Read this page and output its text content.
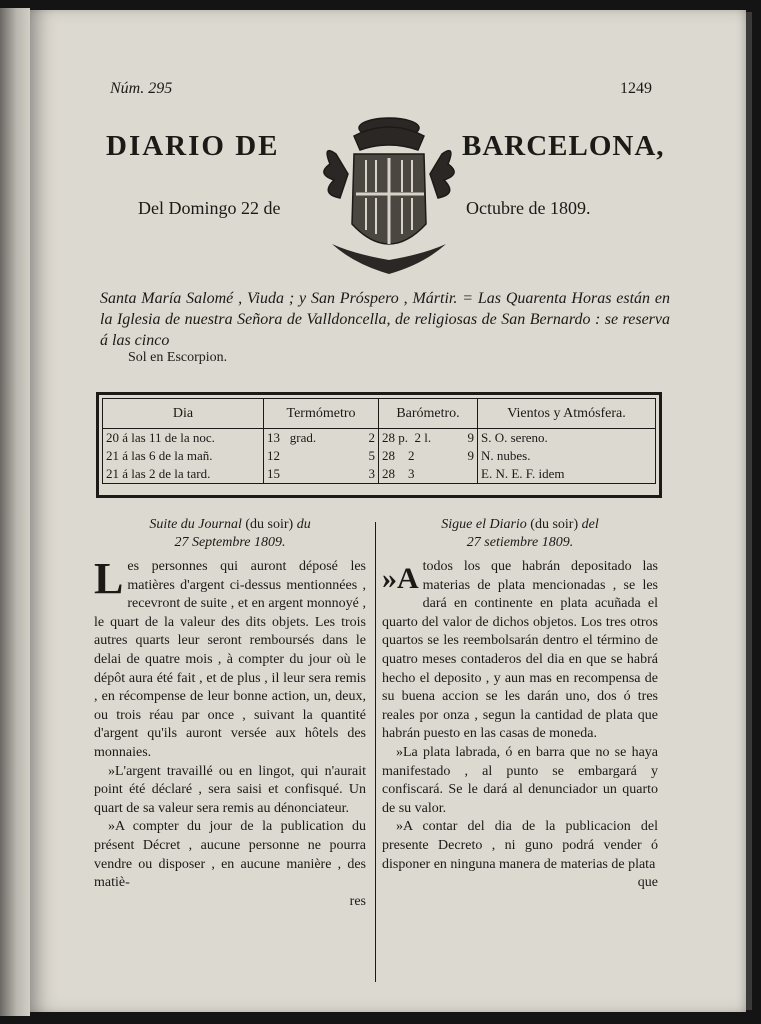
Núm. 295	1249
DIARIO DE	BARCELONA,
Del Domingo 22 de	Octubre de 1809.
Santa María Salomé , Viuda ; y San Próspero , Mártir. = Las Quarenta Horas están en la Iglesia de nuestra Señora de Valldoncella, de religiosas de San Bernardo : se reserva á las cinco
Sol en Escorpion.
Dia	Termómetro	Barómetro.	Vientos y Atmósfera.
20 á las 11 de la noc.	13 grad. 2	28 p. 2 l. 9	S. O. sereno.
21 á las 6 de la mañ.	12 5	28 2 9	N. nubes.
21 á las 2 de la tard.	15 3	28 3	E. N. E. F. idem
Suite du Journal (du soir) du
27 Septembre 1809.

Les personnes qui auront déposé les matières d'argent ci-dessus mentionnées , recevront de suite , et en argent monnoyé , le quart de la valeur des dits objets. Les trois autres quarts leur seront remboursés dans le delai de quatre mois , à compter du jour où le dépôt aura été fait , et de plus , il leur sera remis , en récompense de leur bonne action, un, deux, ou trois réau par once , suivant la quantité d'argent qu'ils auront versée aux hôtels des monnaies.

»L'argent travaillé ou en lingot, qui n'aurait point été déclaré , sera saisi et confisqué. Un quart de sa valeur sera remis au dénonciateur.

»A compter du jour de la publication du présent Décret , aucune personne ne pourra vendre ou disposer , en aucune manière , des matiè-

res

Sigue el Diario (du soir) del
27 setiembre 1809.

»A todos los que habrán depositado las materias de plata mencionadas , se les dará en continente en plata acuñada el quarto del valor de dichos objetos. Los tres otros quartos se les reembolsarán dentro el término de quatro meses contaderos del dia en que se habrá hecho el deposito , y aun mas en recompensa de su buena accion se les darán uno, dos ó tres reales por onza , segun la cantidad de plata que habrán puesto en las casas de moneda.

»La plata labrada, ó en barra que no se haya manifestado , al punto se embargará y confiscará. Se le dará al denunciador un quarto de su valor.

»A contar del dia de la publicacion del presente Decreto , ni guno podrá vender ó disponer en ninguna manera de materias de plata

que
